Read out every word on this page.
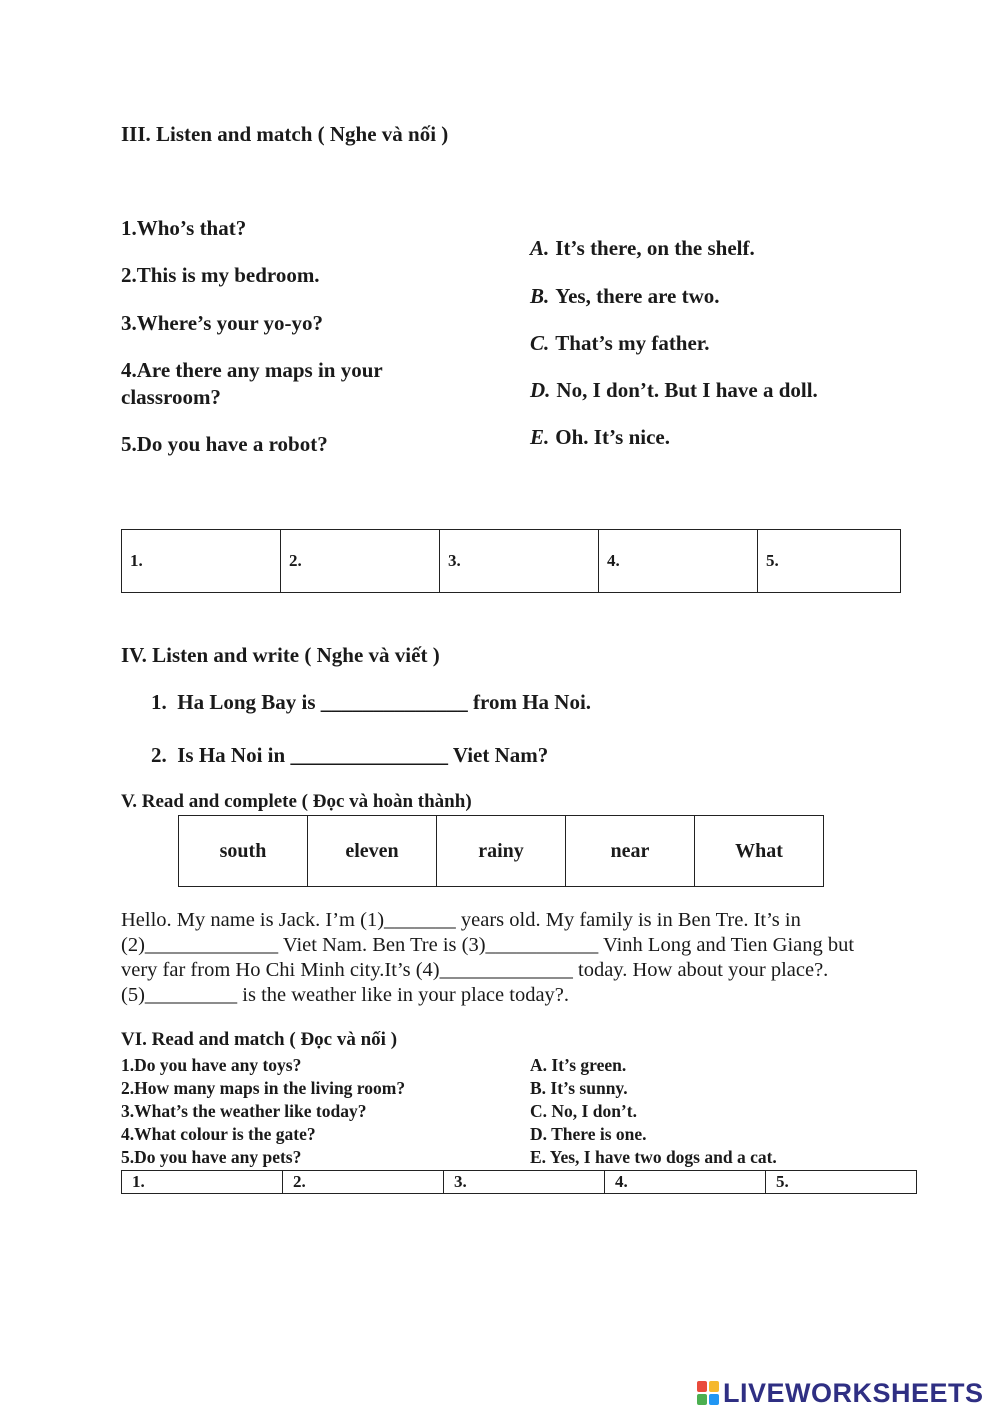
III. Listen and match ( Nghe và nối )
1.Who’s that?
2.This is my bedroom.
3.Where’s your yo-yo?
4.Are there any maps in your
classroom?
5.Do you have a robot?
A. It’s there, on the shelf.
B. Yes, there are two.
C. That’s my father.
D. No, I don’t. But I have a doll.
E. Oh. It’s nice.
1.	2.	3.	4.	5.
IV. Listen and write ( Nghe và viết )
1. Ha Long Bay is ______________ from Ha Noi.
2. Is Ha Noi in _______________ Viet Nam?
V. Read and complete ( Đọc và hoàn thành)
south	eleven	rainy	near	What
Hello. My name is Jack. I’m (1)_______ years old. My family is in Ben Tre. It’s in (2)_____________ Viet Nam. Ben Tre is (3)___________ Vinh Long and Tien Giang but very far from Ho Chi Minh city.It’s (4)_____________ today. How about your place?. (5)_________ is the weather like in your place today?.
VI. Read and match ( Đọc và nối )
1.Do you have any toys?
2.How many maps in the living room?
3.What’s the weather like today?
4.What colour is the gate?
5.Do you have any pets?
A. It’s green.
B. It’s sunny.
C. No, I don’t.
D. There is one.
E. Yes, I have two dogs and a cat.
1.	2.	3.	4.	5.
LIVEWORKSHEETS
